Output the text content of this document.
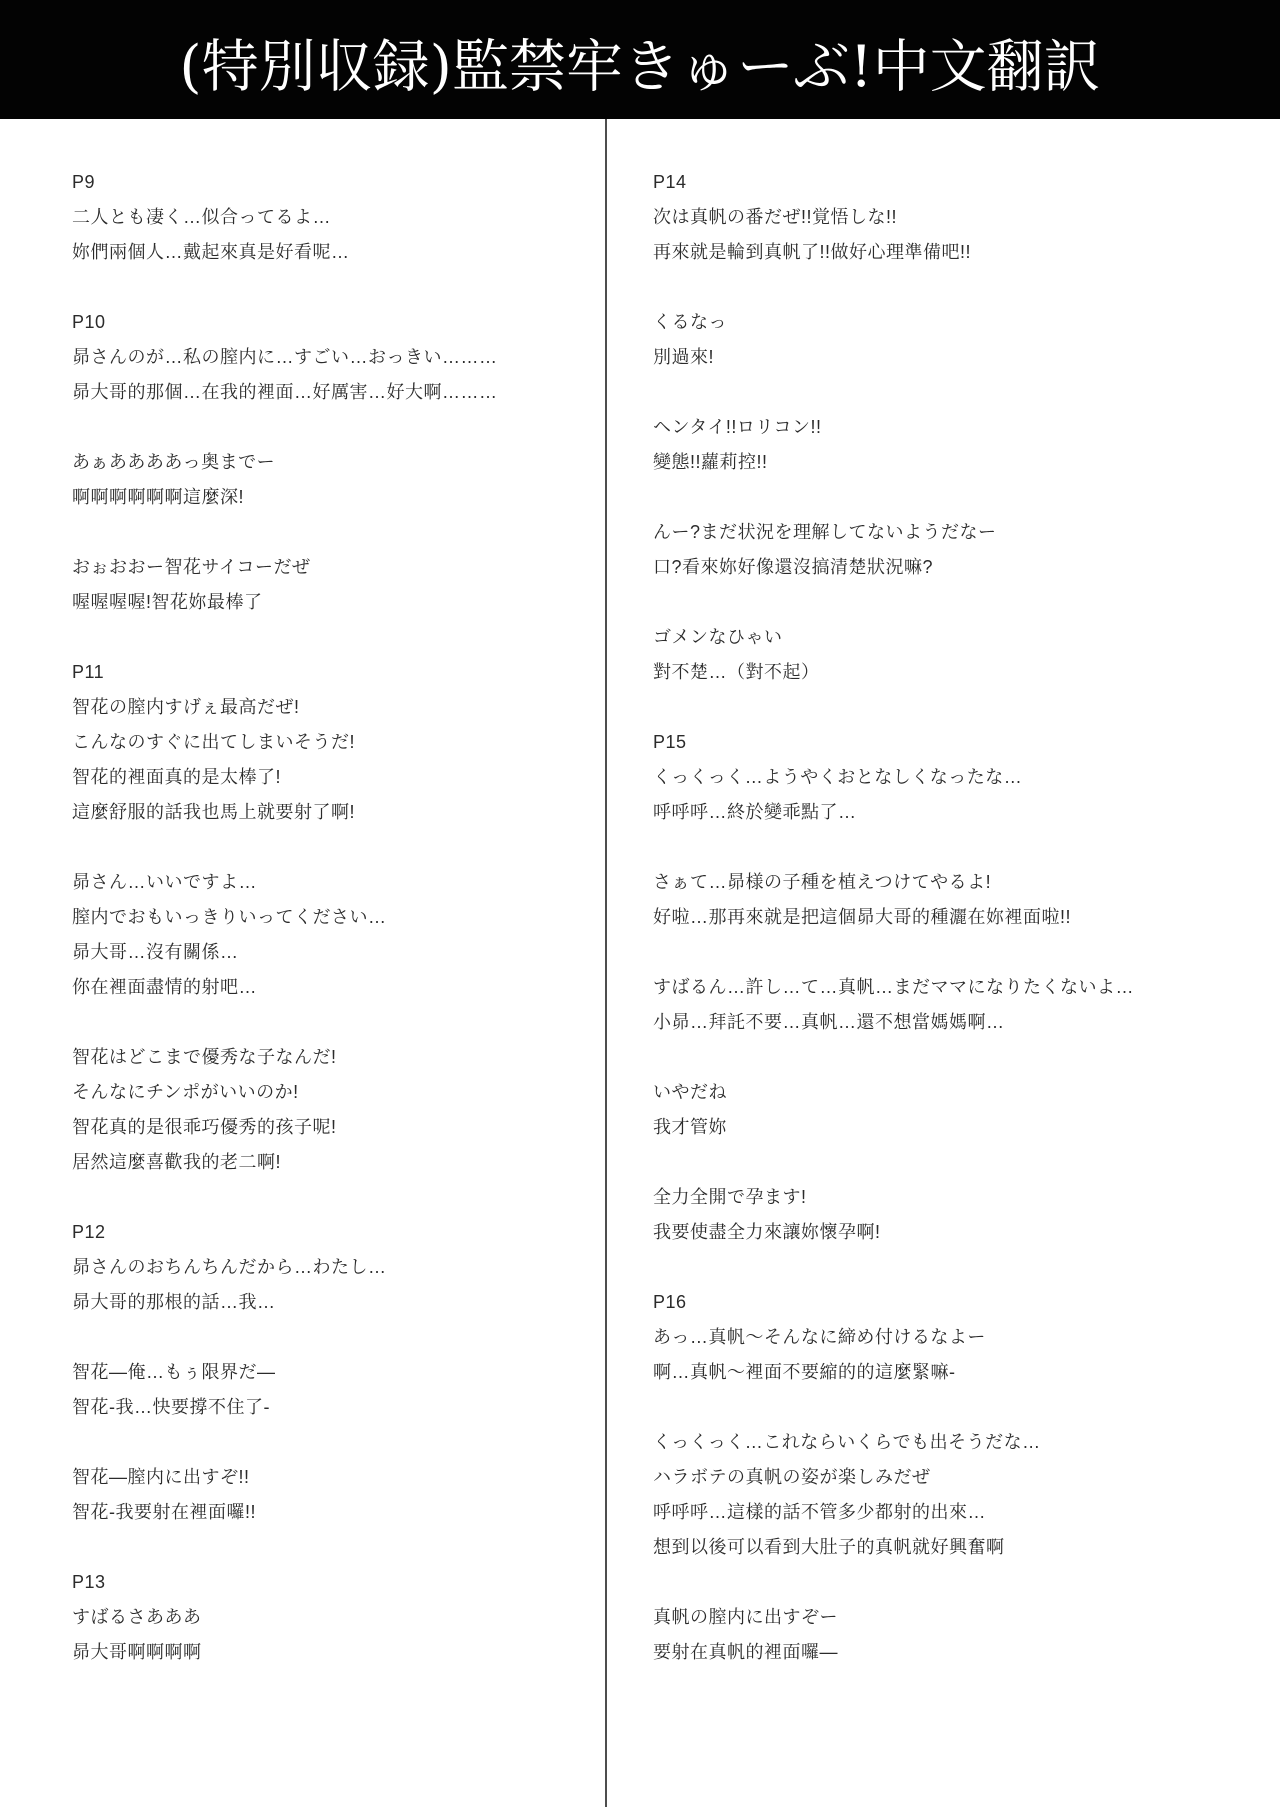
(特別収録)監禁牢きゅーぶ!中文翻訳
P9
二人とも凄く…似合ってるよ…
妳們兩個人…戴起來真是好看呢…
P10
昴さんのが…私の膣内に…すごい…おっきい………
昴大哥的那個…在我的裡面…好厲害…好大啊………
あぁああああっ奥までー
啊啊啊啊啊啊這麼深!
おぉおおー智花サイコーだぜ
喔喔喔喔!智花妳最棒了
P11
智花の膣内すげぇ最高だぜ!
こんなのすぐに出てしまいそうだ!
智花的裡面真的是太棒了!
這麼舒服的話我也馬上就要射了啊!
昴さん…いいですよ…
膣内でおもいっきりいってください…
昴大哥…沒有關係…
你在裡面盡情的射吧…
智花はどこまで優秀な子なんだ!
そんなにチンポがいいのか!
智花真的是很乖巧優秀的孩子呢!
居然這麼喜歡我的老二啊!
P12
昴さんのおちんちんだから…わたし…
昴大哥的那根的話…我…
智花—俺…もぅ限界だ—
智花-我…快要撐不住了-
智花—膣内に出すぞ!!
智花-我要射在裡面囉!!
P13
すばるさあああ
昴大哥啊啊啊啊
P14
次は真帆の番だぜ!!覚悟しな!!
再來就是輪到真帆了!!做好心理準備吧!!
くるなっ
別過來!
ヘンタイ!!ロリコン!!
變態!!蘿莉控!!
んー?まだ状況を理解してないようだなー
口?看來妳好像還沒搞清楚狀況嘛?
ゴメンなひゃい
對不楚…（對不起）
P15
くっくっく…ようやくおとなしくなったな…
呼呼呼…終於變乖點了…
さぁて…昴様の子種を植えつけてやるよ!
好啦…那再來就是把這個昴大哥的種灑在妳裡面啦!!
すばるん…許し…て…真帆…まだママになりたくないよ…
小昴…拜託不要…真帆…還不想當媽媽啊…
いやだね
我才管妳
全力全開で孕ます!
我要使盡全力來讓妳懷孕啊!
P16
あっ…真帆〜そんなに締め付けるなよー
啊…真帆〜裡面不要縮的的這麼緊嘛-
くっくっく…これならいくらでも出そうだな…
ハラボテの真帆の姿が楽しみだぜ
呼呼呼…這樣的話不管多少都射的出來…
想到以後可以看到大肚子的真帆就好興奮啊
真帆の膣内に出すぞー
要射在真帆的裡面囉—
